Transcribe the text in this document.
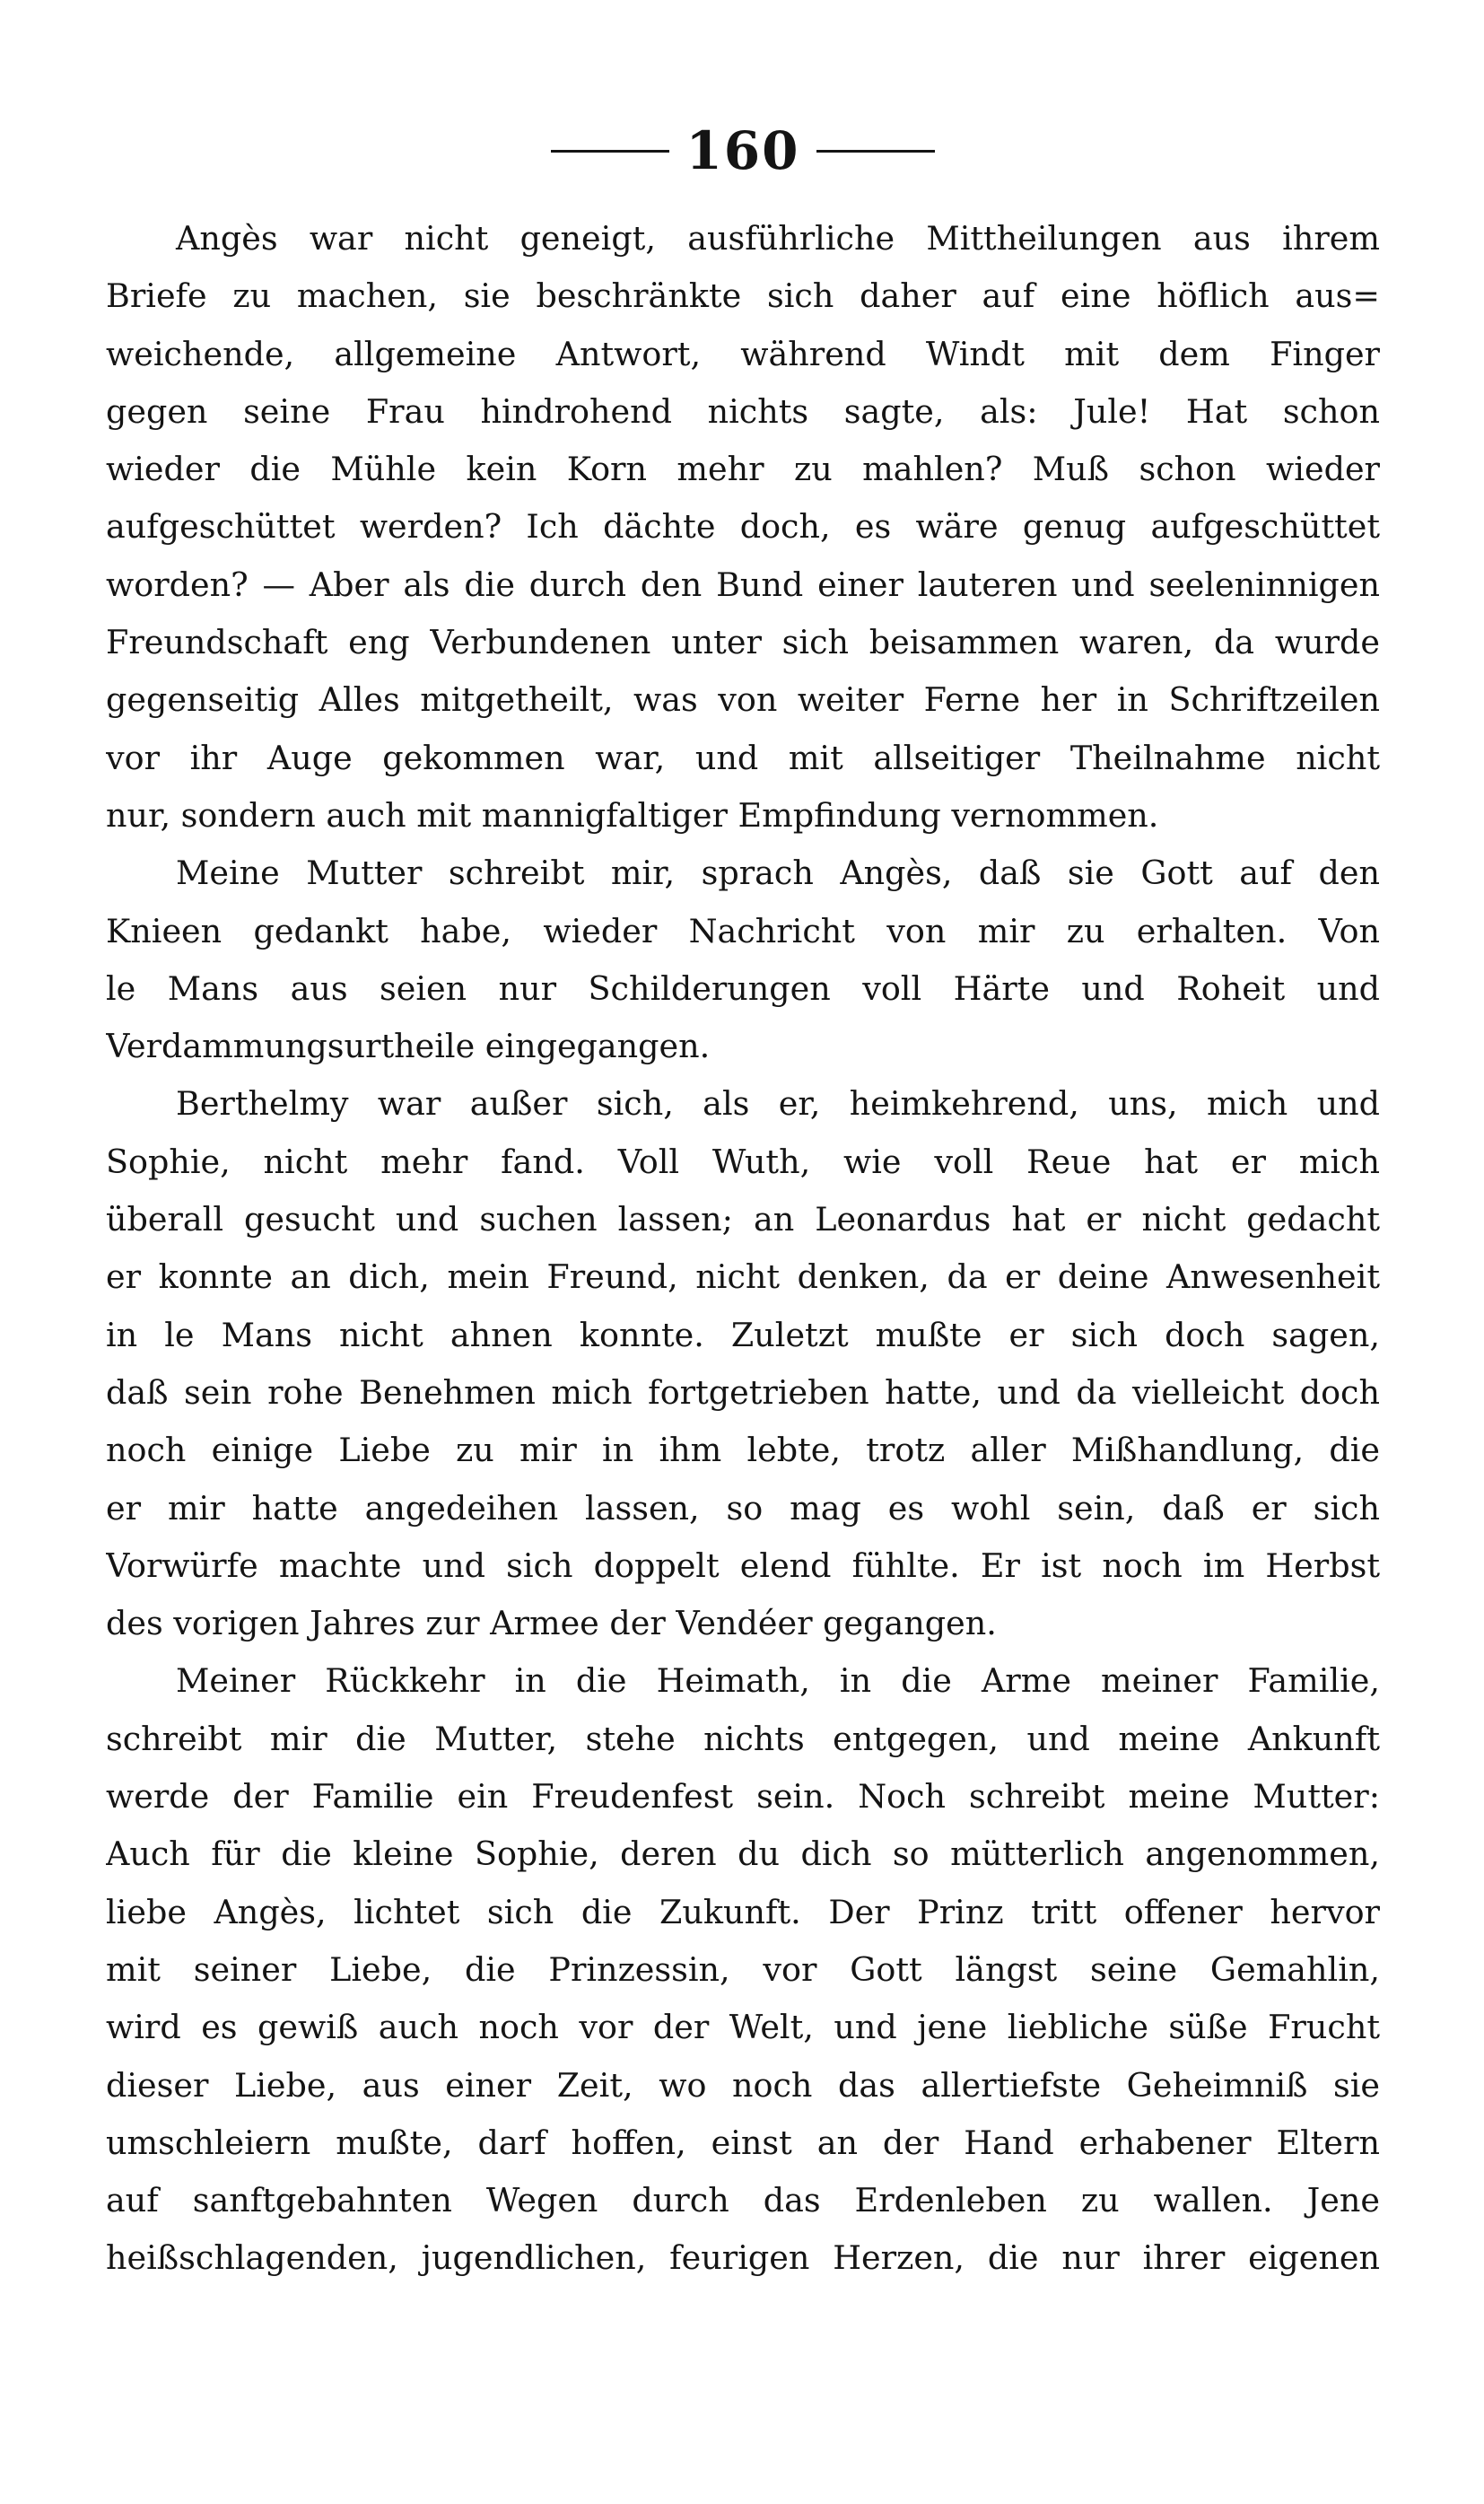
160
Angès war nicht geneigt, ausführliche Mittheilungen aus ihrem
Briefe zu machen, sie beschränkte sich daher auf eine höflich aus=
weichende, allgemeine Antwort, während Windt mit dem Finger
gegen seine Frau hindrohend nichts sagte, als: Jule! Hat schon
wieder die Mühle kein Korn mehr zu mahlen? Muß schon wieder
aufgeschüttet werden? Ich dächte doch, es wäre genug aufgeschüttet
worden? — Aber als die durch den Bund einer lauteren und seeleninnigen
Freundschaft eng Verbundenen unter sich beisammen waren, da wurde
gegenseitig Alles mitgetheilt, was von weiter Ferne her in Schriftzeilen
vor ihr Auge gekommen war, und mit allseitiger Theilnahme nicht
nur, sondern auch mit mannigfaltiger Empfindung vernommen.
Meine Mutter schreibt mir, sprach Angès, daß sie Gott auf den
Knieen gedankt habe, wieder Nachricht von mir zu erhalten. Von
le Mans aus seien nur Schilderungen voll Härte und Roheit und
Verdammungsurtheile eingegangen.
Berthelmy war außer sich, als er, heimkehrend, uns, mich und
Sophie, nicht mehr fand. Voll Wuth, wie voll Reue hat er mich
überall gesucht und suchen lassen; an Leonardus hat er nicht gedacht
er konnte an dich, mein Freund, nicht denken, da er deine Anwesenheit
in le Mans nicht ahnen konnte. Zuletzt mußte er sich doch sagen,
daß sein rohe Benehmen mich fortgetrieben hatte, und da vielleicht doch
noch einige Liebe zu mir in ihm lebte, trotz aller Mißhandlung, die
er mir hatte angedeihen lassen, so mag es wohl sein, daß er sich
Vorwürfe machte und sich doppelt elend fühlte. Er ist noch im Herbst
des vorigen Jahres zur Armee der Vendéer gegangen.
Meiner Rückkehr in die Heimath, in die Arme meiner Familie,
schreibt mir die Mutter, stehe nichts entgegen, und meine Ankunft
werde der Familie ein Freudenfest sein. Noch schreibt meine Mutter:
Auch für die kleine Sophie, deren du dich so mütterlich angenommen,
liebe Angès, lichtet sich die Zukunft. Der Prinz tritt offener hervor
mit seiner Liebe, die Prinzessin, vor Gott längst seine Gemahlin,
wird es gewiß auch noch vor der Welt, und jene liebliche süße Frucht
dieser Liebe, aus einer Zeit, wo noch das allertiefste Geheimniß sie
umschleiern mußte, darf hoffen, einst an der Hand erhabener Eltern
auf sanftgebahnten Wegen durch das Erdenleben zu wallen. Jene
heißschlagenden, jugendlichen, feurigen Herzen, die nur ihrer eigenen
